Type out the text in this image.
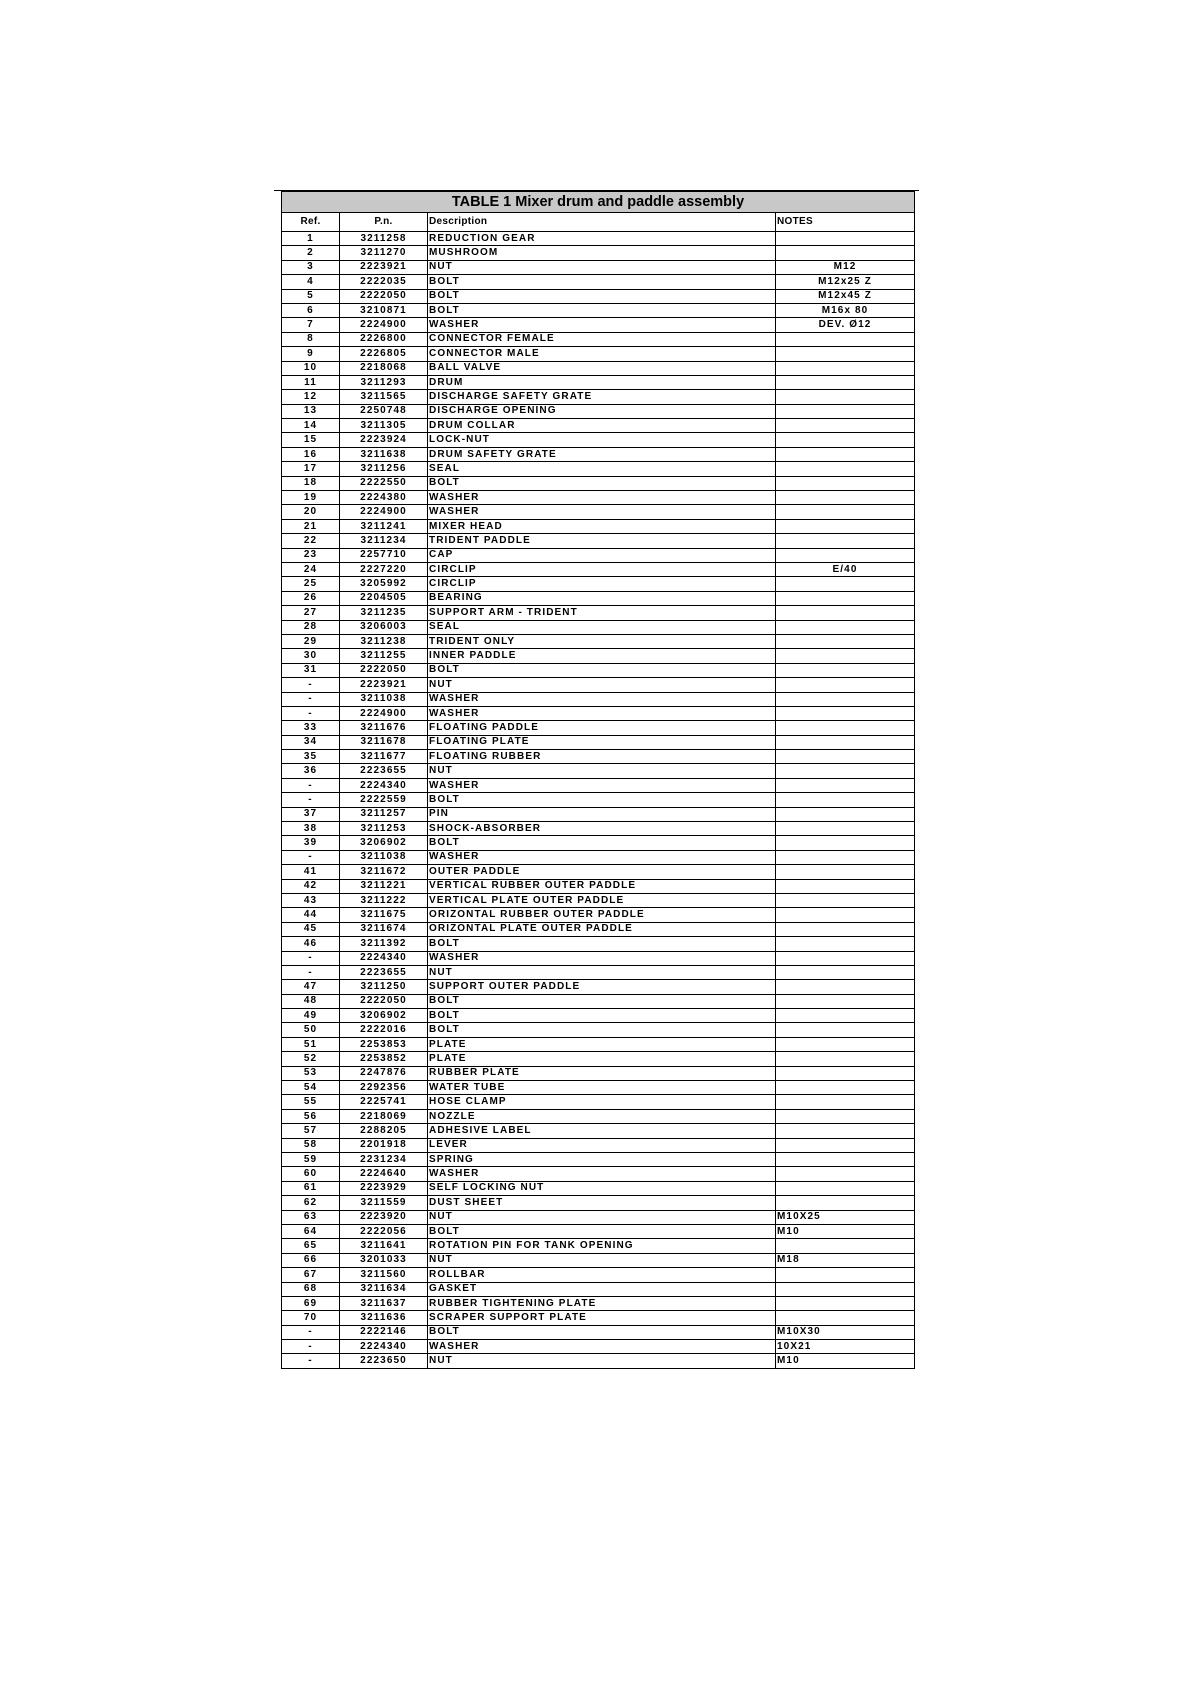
TABLE 1 Mixer drum and paddle assembly			
Ref.	P.n.	Description	NOTES
1	3211258	REDUCTION GEAR	
2	3211270	MUSHROOM	
3	2223921	NUT	M12
4	2222035	BOLT	M12x25 Z
5	2222050	BOLT	M12x45 Z
6	3210871	BOLT	M16x 80
7	2224900	WASHER	DEV. Ø12
8	2226800	CONNECTOR FEMALE	
9	2226805	CONNECTOR MALE	
10	2218068	BALL VALVE	
11	3211293	DRUM	
12	3211565	DISCHARGE SAFETY GRATE	
13	2250748	DISCHARGE OPENING	
14	3211305	DRUM COLLAR	
15	2223924	LOCK-NUT	
16	3211638	DRUM SAFETY GRATE	
17	3211256	SEAL	
18	2222550	BOLT	
19	2224380	WASHER	
20	2224900	WASHER	
21	3211241	MIXER HEAD	
22	3211234	TRIDENT PADDLE	
23	2257710	CAP	
24	2227220	CIRCLIP	E/40
25	3205992	CIRCLIP	
26	2204505	BEARING	
27	3211235	SUPPORT ARM - TRIDENT	
28	3206003	SEAL	
29	3211238	TRIDENT ONLY	
30	3211255	INNER PADDLE	
31	2222050	BOLT	
-	2223921	NUT	
-	3211038	WASHER	
-	2224900	WASHER	
33	3211676	FLOATING PADDLE	
34	3211678	FLOATING PLATE	
35	3211677	FLOATING RUBBER	
36	2223655	NUT	
-	2224340	WASHER	
-	2222559	BOLT	
37	3211257	PIN	
38	3211253	SHOCK-ABSORBER	
39	3206902	BOLT	
-	3211038	WASHER	
41	3211672	OUTER PADDLE	
42	3211221	VERTICAL RUBBER OUTER PADDLE	
43	3211222	VERTICAL PLATE OUTER PADDLE	
44	3211675	ORIZONTAL RUBBER OUTER PADDLE	
45	3211674	ORIZONTAL PLATE OUTER PADDLE	
46	3211392	BOLT	
-	2224340	WASHER	
-	2223655	NUT	
47	3211250	SUPPORT OUTER PADDLE	
48	2222050	BOLT	
49	3206902	BOLT	
50	2222016	BOLT	
51	2253853	PLATE	
52	2253852	PLATE	
53	2247876	RUBBER PLATE	
54	2292356	WATER TUBE	
55	2225741	HOSE CLAMP	
56	2218069	NOZZLE	
57	2288205	ADHESIVE LABEL	
58	2201918	LEVER	
59	2231234	SPRING	
60	2224640	WASHER	
61	2223929	SELF LOCKING NUT	
62	3211559	DUST SHEET	
63	2223920	NUT	M10X25
64	2222056	BOLT	M10
65	3211641	ROTATION PIN FOR TANK OPENING	
66	3201033	NUT	M18
67	3211560	ROLLBAR	
68	3211634	GASKET	
69	3211637	RUBBER TIGHTENING PLATE	
70	3211636	SCRAPER SUPPORT PLATE	
-	2222146	BOLT	M10X30
-	2224340	WASHER	10X21
-	2223650	NUT	M10
